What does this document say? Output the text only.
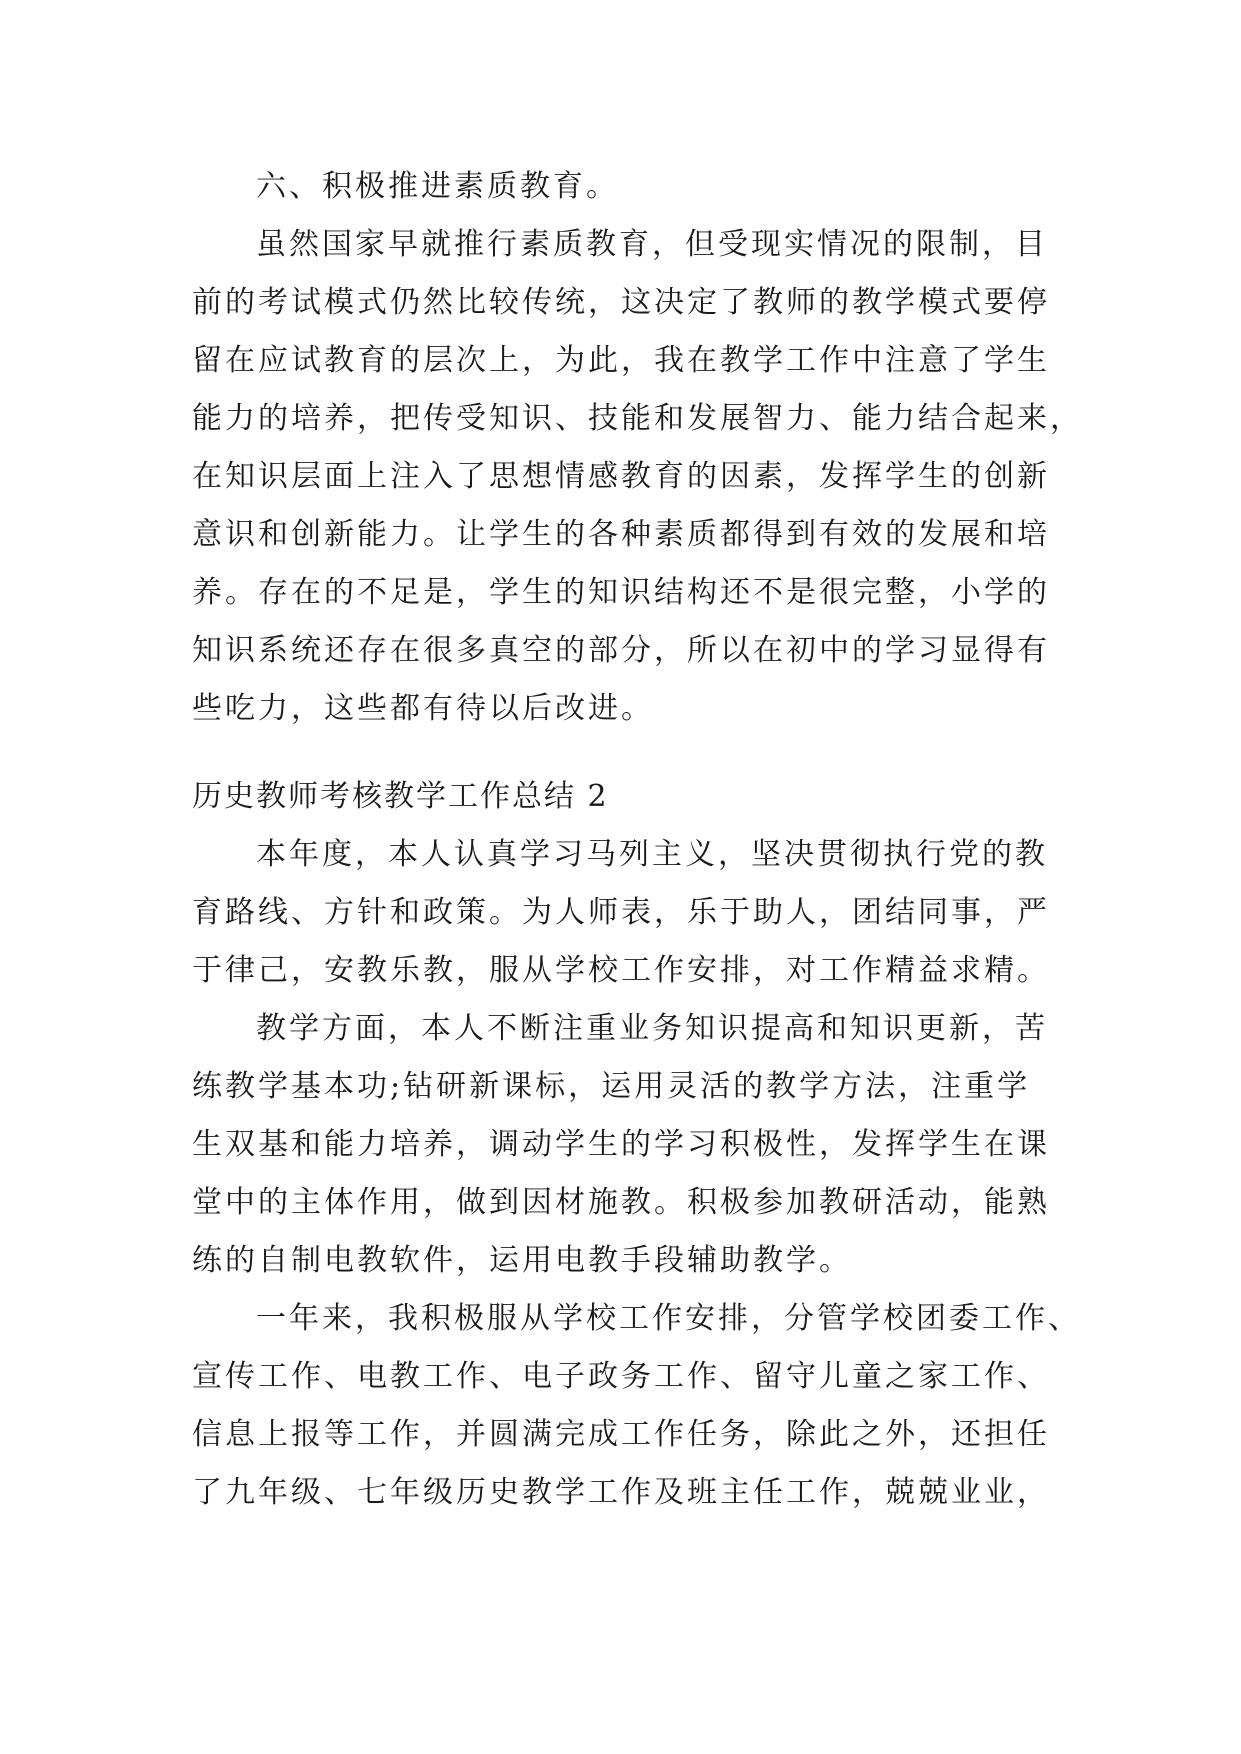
六、积极推进素质教育。
虽然国家早就推行素质教育，但受现实情况的限制，目
前的考试模式仍然比较传统，这决定了教师的教学模式要停
留在应试教育的层次上，为此，我在教学工作中注意了学生
能力的培养，把传受知识、技能和发展智力、能力结合起来，
在知识层面上注入了思想情感教育的因素，发挥学生的创新
意识和创新能力。让学生的各种素质都得到有效的发展和培
养。存在的不足是，学生的知识结构还不是很完整，小学的
知识系统还存在很多真空的部分，所以在初中的学习显得有
些吃力，这些都有待以后改进。
历史教师考核教学工作总结 2
本年度，本人认真学习马列主义，坚决贯彻执行党的教
育路线、方针和政策。为人师表，乐于助人，团结同事，严
于律己，安教乐教，服从学校工作安排，对工作精益求精。
教学方面，本人不断注重业务知识提高和知识更新，苦
练教学基本功;钻研新课标，运用灵活的教学方法，注重学
生双基和能力培养，调动学生的学习积极性，发挥学生在课
堂中的主体作用，做到因材施教。积极参加教研活动，能熟
练的自制电教软件，运用电教手段辅助教学。
一年来，我积极服从学校工作安排，分管学校团委工作、
宣传工作、电教工作、电子政务工作、留守儿童之家工作、
信息上报等工作，并圆满完成工作任务，除此之外，还担任
了九年级、七年级历史教学工作及班主任工作，兢兢业业，
